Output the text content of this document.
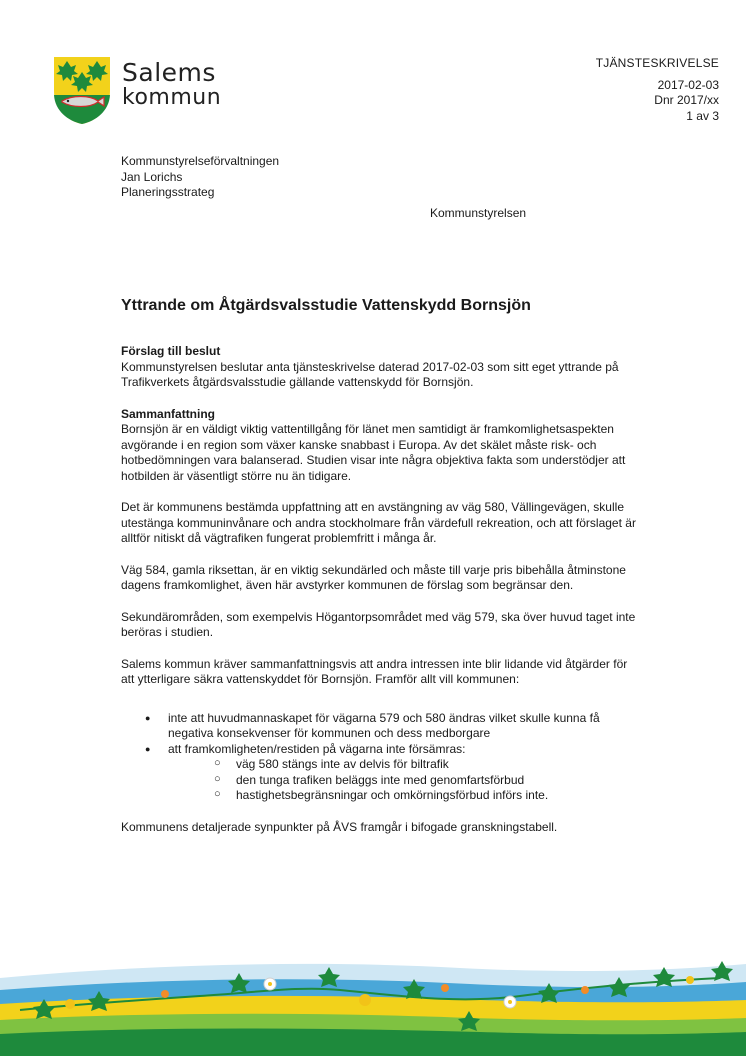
Salems
kommun
TJÄNSTESKRIVELSE
2017-02-03
Dnr 2017/xx
1 av 3
Kommunstyrelseförvaltningen
Jan Lorichs
Planeringsstrateg
Kommunstyrelsen
Yttrande om Åtgärdsvalsstudie Vattenskydd Bornsjön
Förslag till beslut

Kommunstyrelsen beslutar anta tjänsteskrivelse daterad 2017-02-03 som sitt eget yttrande på Trafikverkets åtgärdsvalsstudie gällande vattenskydd för Bornsjön.

Sammanfattning

Bornsjön är en väldigt viktig vattentillgång för länet men samtidigt är framkomlighetsaspekten avgörande i en region som växer kanske snabbast i Europa. Av det skälet måste risk- och hotbedömningen vara balanserad. Studien visar inte några objektiva fakta som understödjer att hotbilden är väsentligt större nu än tidigare.

Det är kommunens bestämda uppfattning att en avstängning av väg 580, Vällingevägen, skulle utestänga kommuninvånare och andra stockholmare från värdefull rekreation, och att förslaget är alltför nitiskt då vägtrafiken fungerat problemfritt i många år.

Väg 584, gamla riksettan, är en viktig sekundärled och måste till varje pris bibehålla åtminstone dagens framkomlighet, även här avstyrker kommunen de förslag som begränsar den.

Sekundärområden, som exempelvis Högantorpsområdet med väg 579, ska över huvud taget inte beröras i studien.

Salems kommun kräver sammanfattningsvis att andra intressen inte blir lidande vid åtgärder för att ytterligare säkra vattenskyddet för Bornsjön. Framför allt vill kommunen:

● inte att huvudmannaskapet för vägarna 579 och 580 ändras vilket skulle kunna få negativa konsekvenser för kommunen och dess medborgare
● att framkomligheten/restiden på vägarna inte försämras:
○ väg 580 stängs inte av delvis för biltrafik
○ den tunga trafiken beläggs inte med genomfartsförbud
○ hastighetsbegränsningar och omkörningsförbud införs inte.

Kommunens detaljerade synpunkter på ÅVS framgår i bifogade granskningstabell.
